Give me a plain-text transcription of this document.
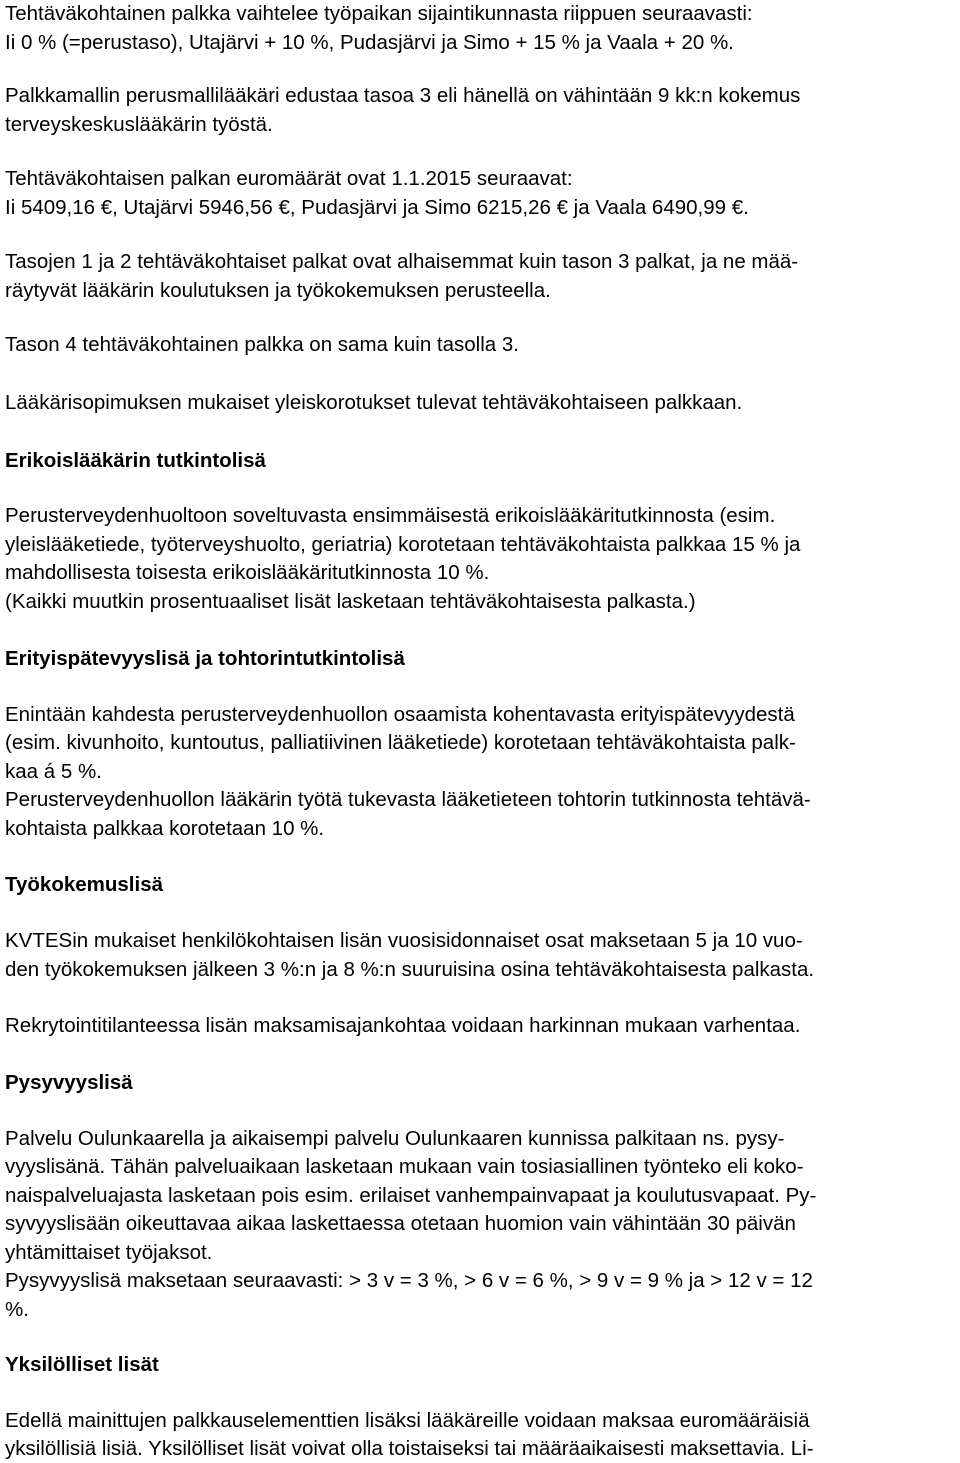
Tehtäväkohtainen palkka vaihtelee työpaikan sijaintikunnasta riippuen seuraavasti:
Ii 0 % (=perustaso), Utajärvi + 10 %, Pudasjärvi ja Simo + 15 % ja Vaala + 20 %.
Palkkamallin perusmallilääkäri edustaa tasoa 3 eli hänellä on vähintään 9 kk:n kokemus
terveyskeskuslääkärin työstä.
Tehtäväkohtaisen palkan euromäärät ovat 1.1.2015 seuraavat:
Ii 5409,16 €, Utajärvi 5946,56 €, Pudasjärvi ja Simo 6215,26 € ja Vaala 6490,99 €.
Tasojen 1 ja 2 tehtäväkohtaiset palkat ovat alhaisemmat kuin tason 3 palkat, ja ne mää-
räytyvät lääkärin koulutuksen ja työkokemuksen perusteella.
Tason 4 tehtäväkohtainen palkka on sama kuin tasolla 3.
Lääkärisopimuksen mukaiset yleiskorotukset tulevat tehtäväkohtaiseen palkkaan.
Erikoislääkärin tutkintolisä
Perusterveydenhuoltoon soveltuvasta ensimmäisestä erikoislääkäritutkinnosta (esim.
yleislääketiede, työterveyshuolto, geriatria) korotetaan tehtäväkohtaista palkkaa 15 % ja
mahdollisesta toisesta erikoislääkäritutkinnosta 10 %.
(Kaikki muutkin prosentuaaliset lisät lasketaan tehtäväkohtaisesta palkasta.)
Erityispätevyyslisä ja tohtorintutkintolisä
Enintään kahdesta perusterveydenhuollon osaamista kohentavasta erityispätevyydestä
(esim. kivunhoito, kuntoutus, palliatiivinen lääketiede) korotetaan tehtäväkohtaista palk-
kaa á 5 %.
Perusterveydenhuollon lääkärin työtä tukevasta lääketieteen tohtorin tutkinnosta tehtävä-
kohtaista palkkaa korotetaan 10 %.
Työkokemuslisä
KVTESin mukaiset henkilökohtaisen lisän vuosisidonnaiset osat maksetaan 5 ja 10 vuo-
den työkokemuksen jälkeen 3 %:n ja 8 %:n suuruisina osina tehtäväkohtaisesta palkasta.
Rekrytointitilanteessa lisän maksamisajankohtaa voidaan harkinnan mukaan varhentaa.
Pysyvyyslisä
Palvelu Oulunkaarella ja aikaisempi palvelu Oulunkaaren kunnissa palkitaan ns. pysy-
vyyslisänä. Tähän palveluaikaan lasketaan mukaan vain tosiasiallinen työnteko eli koko-
naispalveluajasta lasketaan pois esim. erilaiset vanhempainvapaat ja koulutusvapaat. Py-
syvyyslisään oikeuttavaa aikaa laskettaessa otetaan huomion vain vähintään 30 päivän
yhtämittaiset työjaksot.
Pysyvyyslisä maksetaan seuraavasti: > 3 v = 3 %, > 6 v = 6 %, > 9 v = 9 % ja > 12 v = 12
%.
Yksilölliset lisät
Edellä mainittujen palkkauselementtien lisäksi lääkäreille voidaan maksaa euromääräisiä
yksilöllisiä lisiä. Yksilölliset lisät voivat olla toistaiseksi tai määräaikaisesti maksettavia. Li-
